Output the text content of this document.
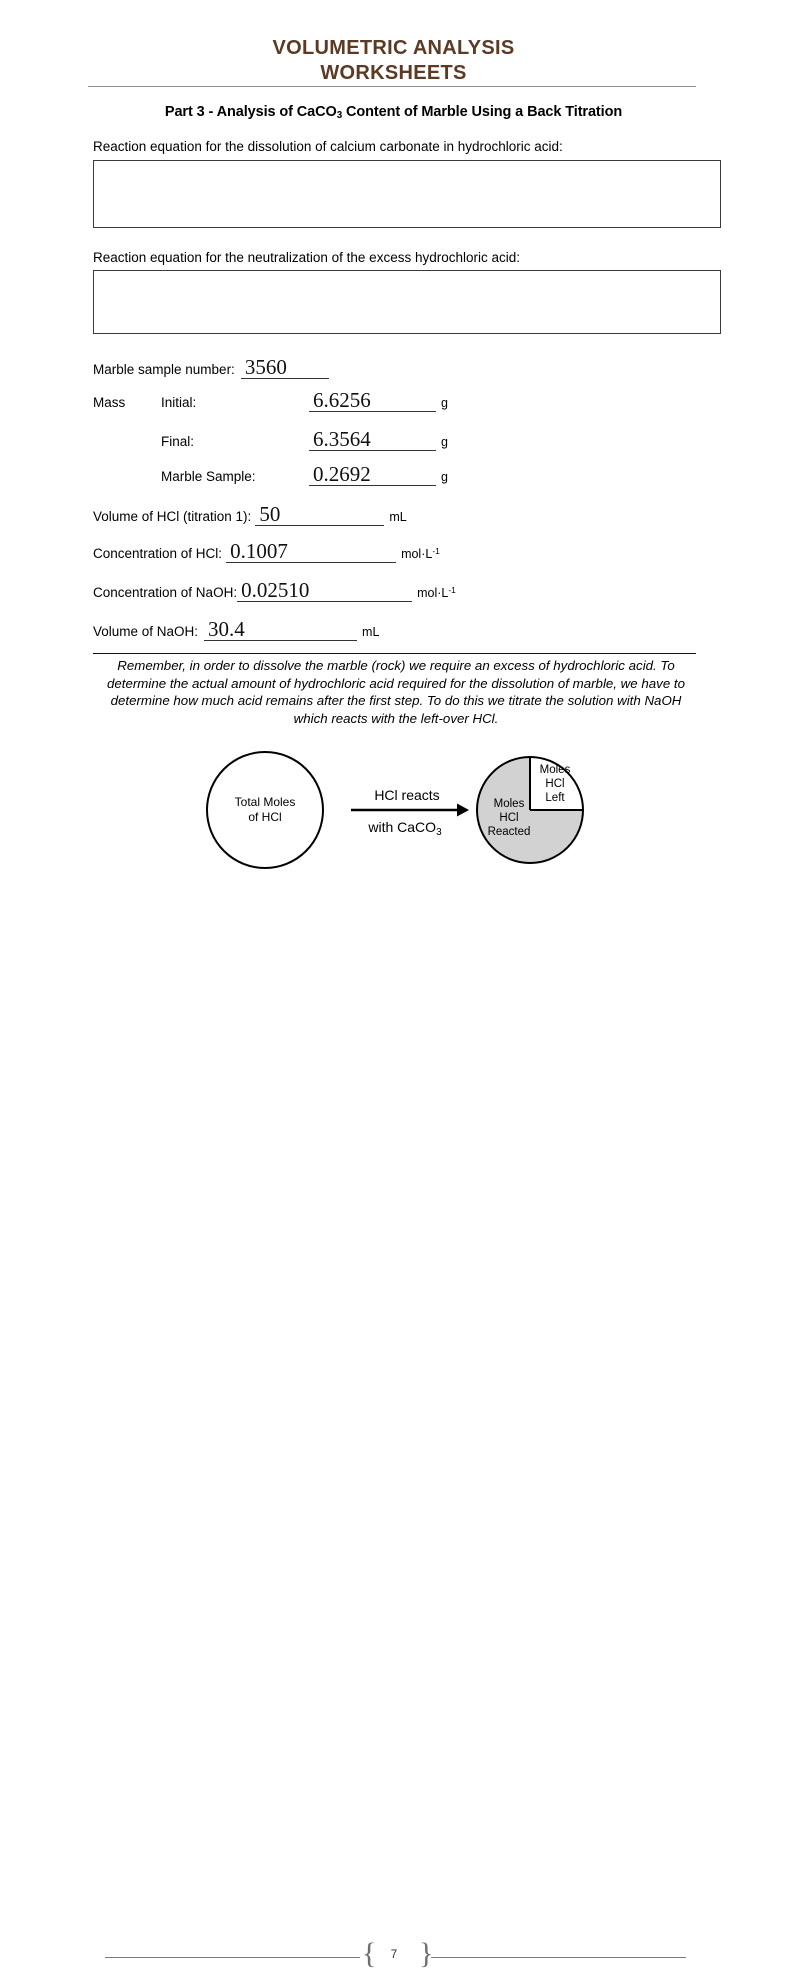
VOLUMETRIC ANALYSIS
WORKSHEETS
Part 3 - Analysis of CaCO$_3$ Content of Marble Using a Back Titration
Reaction equation for the dissolution of calcium carbonate in hydrochloric acid:
Reaction equation for the neutralization of the excess hydrochloric acid:
Marble sample number: 3560
Mass	Initial:	6.6256	g
Final:	6.3564	g
Marble Sample:	0.2692	g
Volume of HCl (titration 1): 50	mL
Concentration of HCl: 0.1007	$mol\cdot L^{-1}$
Concentration of NaOH: 0.02510	$mol\cdot L^{-1}$
Volume of NaOH: 30.4	mL
Remember, in order to dissolve the marble (rock) we require an excess of hydrochloric acid. To determine the actual amount of hydrochloric acid required for the dissolution of marble, we have to determine how much acid remains after the first step. To do this we titrate the solution with NaOH which reacts with the left-over HCl.
Total Moles
of HCl
HCl reacts
with CaCO$_3$
Moles
HCl
Reacted
Moles
HCl
Left
{	7 }
